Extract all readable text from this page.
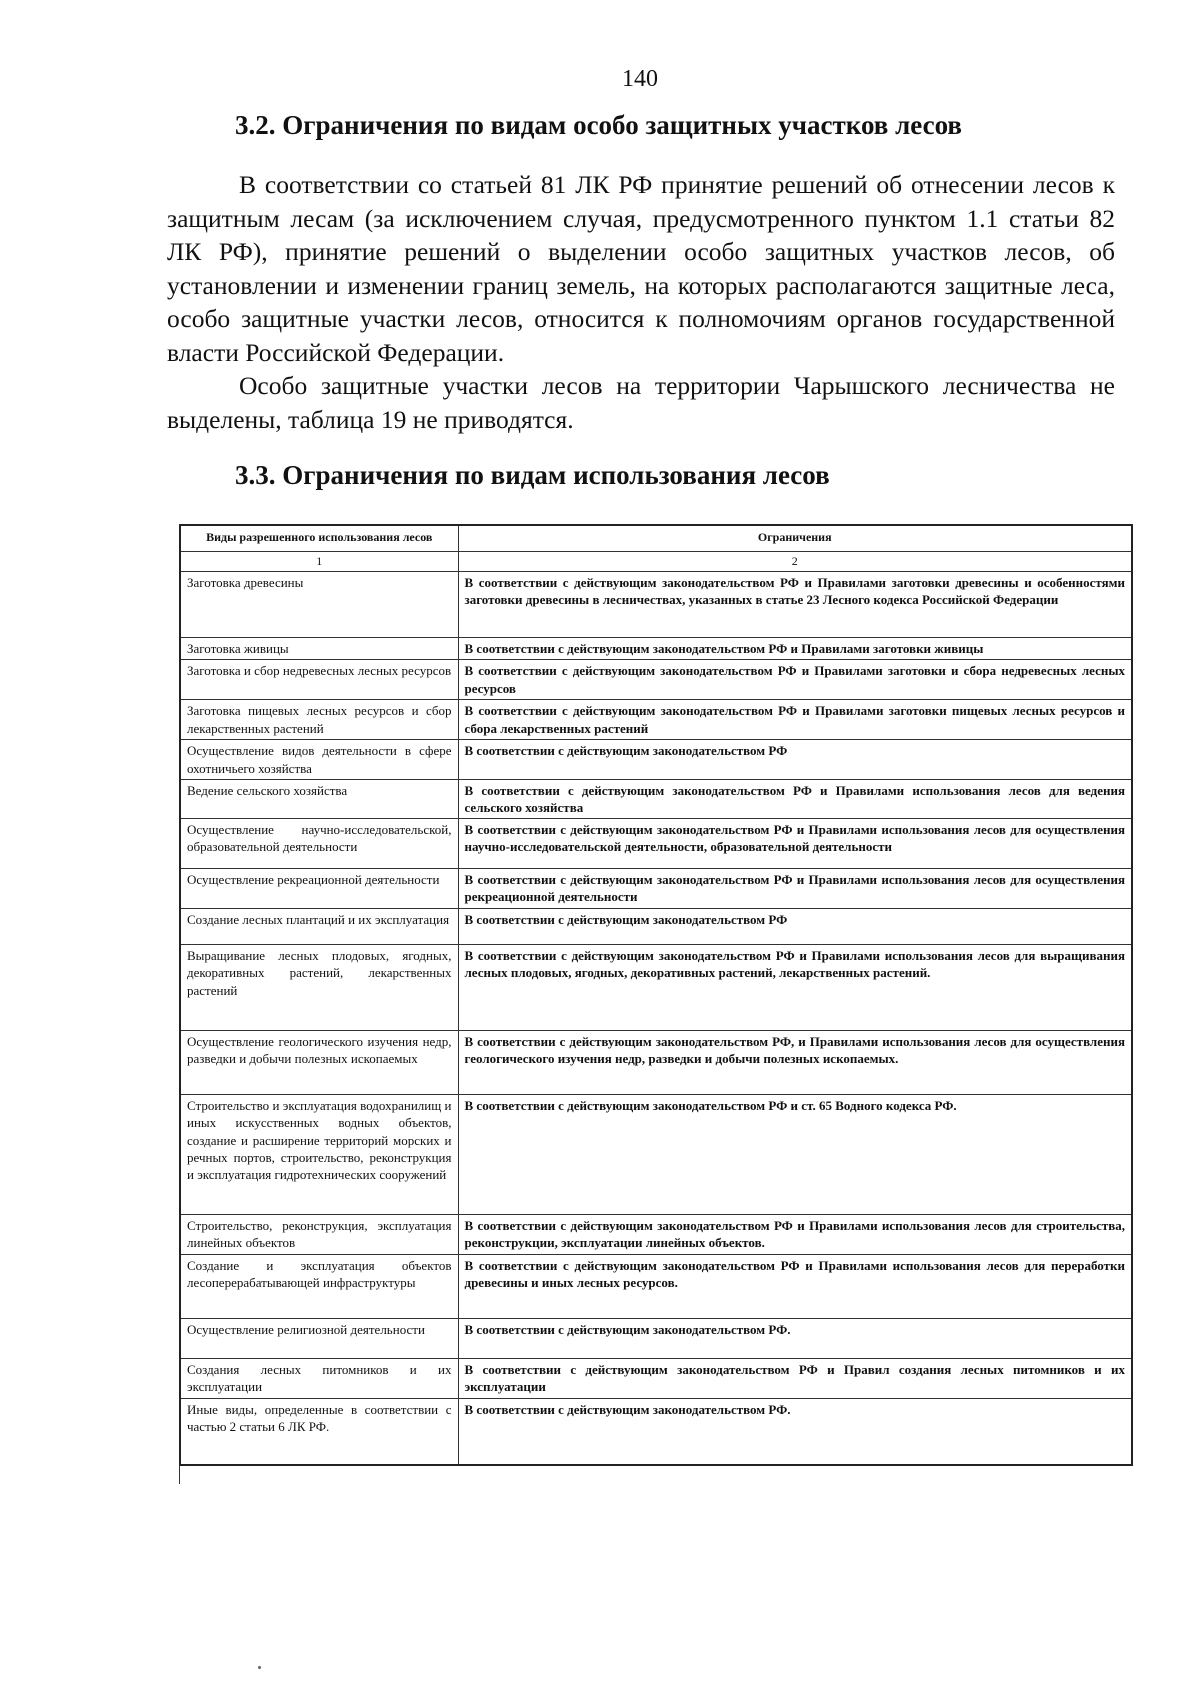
140
3.2. Ограничения по видам особо защитных участков лесов

В соответствии со статьей 81 ЛК РФ принятие решений об отнесении лесов к защитным лесам (за исключением случая, предусмотренного пунктом 1.1 статьи 82 ЛК РФ), принятие решений о выделении особо защитных участков лесов, об установлении и изменении границ земель, на которых располагаются защитные леса, особо защитные участки лесов, относится к полномочиям органов государственной власти Российской Федерации.

Особо защитные участки лесов на территории Чарышского лесничества не выделены, таблица 19 не приводятся.

3.3. Ограничения по видам использования лесов
Виды разрешенного использования лесов	Ограничения
1	2
Заготовка древесины	В соответствии с действующим законодательством РФ и Правилами заготовки древесины и особенностями заготовки древесины в лесничествах, указанных в статье 23 Лесного кодекса Российской Федерации
Заготовка живицы	В соответствии с действующим законодательством РФ и Правилами заготовки живицы
Заготовка и сбор недревесных лесных ресурсов	В соответствии с действующим законодательством РФ и Правилами заготовки и сбора недревесных лесных ресурсов
Заготовка пищевых лесных ресурсов и сбор лекарственных растений	В соответствии с действующим законодательством РФ и Правилами заготовки пищевых лесных ресурсов и сбора лекарственных растений
Осуществление видов деятельности в сфере охотничьего хозяйства	В соответствии с действующим законодательством РФ
Ведение сельского хозяйства	В соответствии с действующим законодательством РФ и Правилами использования лесов для ведения сельского хозяйства
Осуществление научно-исследовательской, образовательной деятельности	В соответствии с действующим законодательством РФ и Правилами использования лесов для осуществления научно-исследовательской деятельности, образовательной деятельности
Осуществление рекреационной деятельности	В соответствии с действующим законодательством РФ и Правилами использования лесов для осуществления рекреационной деятельности
Создание лесных плантаций и их эксплуатация	В соответствии с действующим законодательством РФ
Выращивание лесных плодовых, ягодных, декоративных растений, лекарственных растений	В соответствии с действующим законодательством РФ и Правилами использования лесов для выращивания лесных плодовых, ягодных, декоративных растений, лекарственных растений.
Осуществление геологического изучения недр, разведки и добычи полезных ископаемых	В соответствии с действующим законодательством РФ, и Правилами использования лесов для осуществления геологического изучения недр, разведки и добычи полезных ископаемых.
Строительство и эксплуатация водохранилищ и иных искусственных водных объектов, создание и расширение территорий морских и речных портов, строительство, реконструкция и эксплуатация гидротехнических сооружений	В соответствии с действующим законодательством РФ и ст. 65 Водного кодекса РФ.
Строительство, реконструкция, эксплуатация линейных объектов	В соответствии с действующим законодательством РФ и Правилами использования лесов для строительства, реконструкции, эксплуатации линейных объектов.
Создание и эксплуатация объектов лесоперерабатывающей инфраструктуры	В соответствии с действующим законодательством РФ и Правилами использования лесов для переработки древесины и иных лесных ресурсов.
Осуществление религиозной деятельности	В соответствии с действующим законодательством РФ.
Создания лесных питомников и их эксплуатации	В соответствии с действующим законодательством РФ и Правил создания лесных питомников и их эксплуатации
Иные виды, определенные в соответствии с частью 2 статьи 6 ЛК РФ.	В соответствии с действующим законодательством РФ.
